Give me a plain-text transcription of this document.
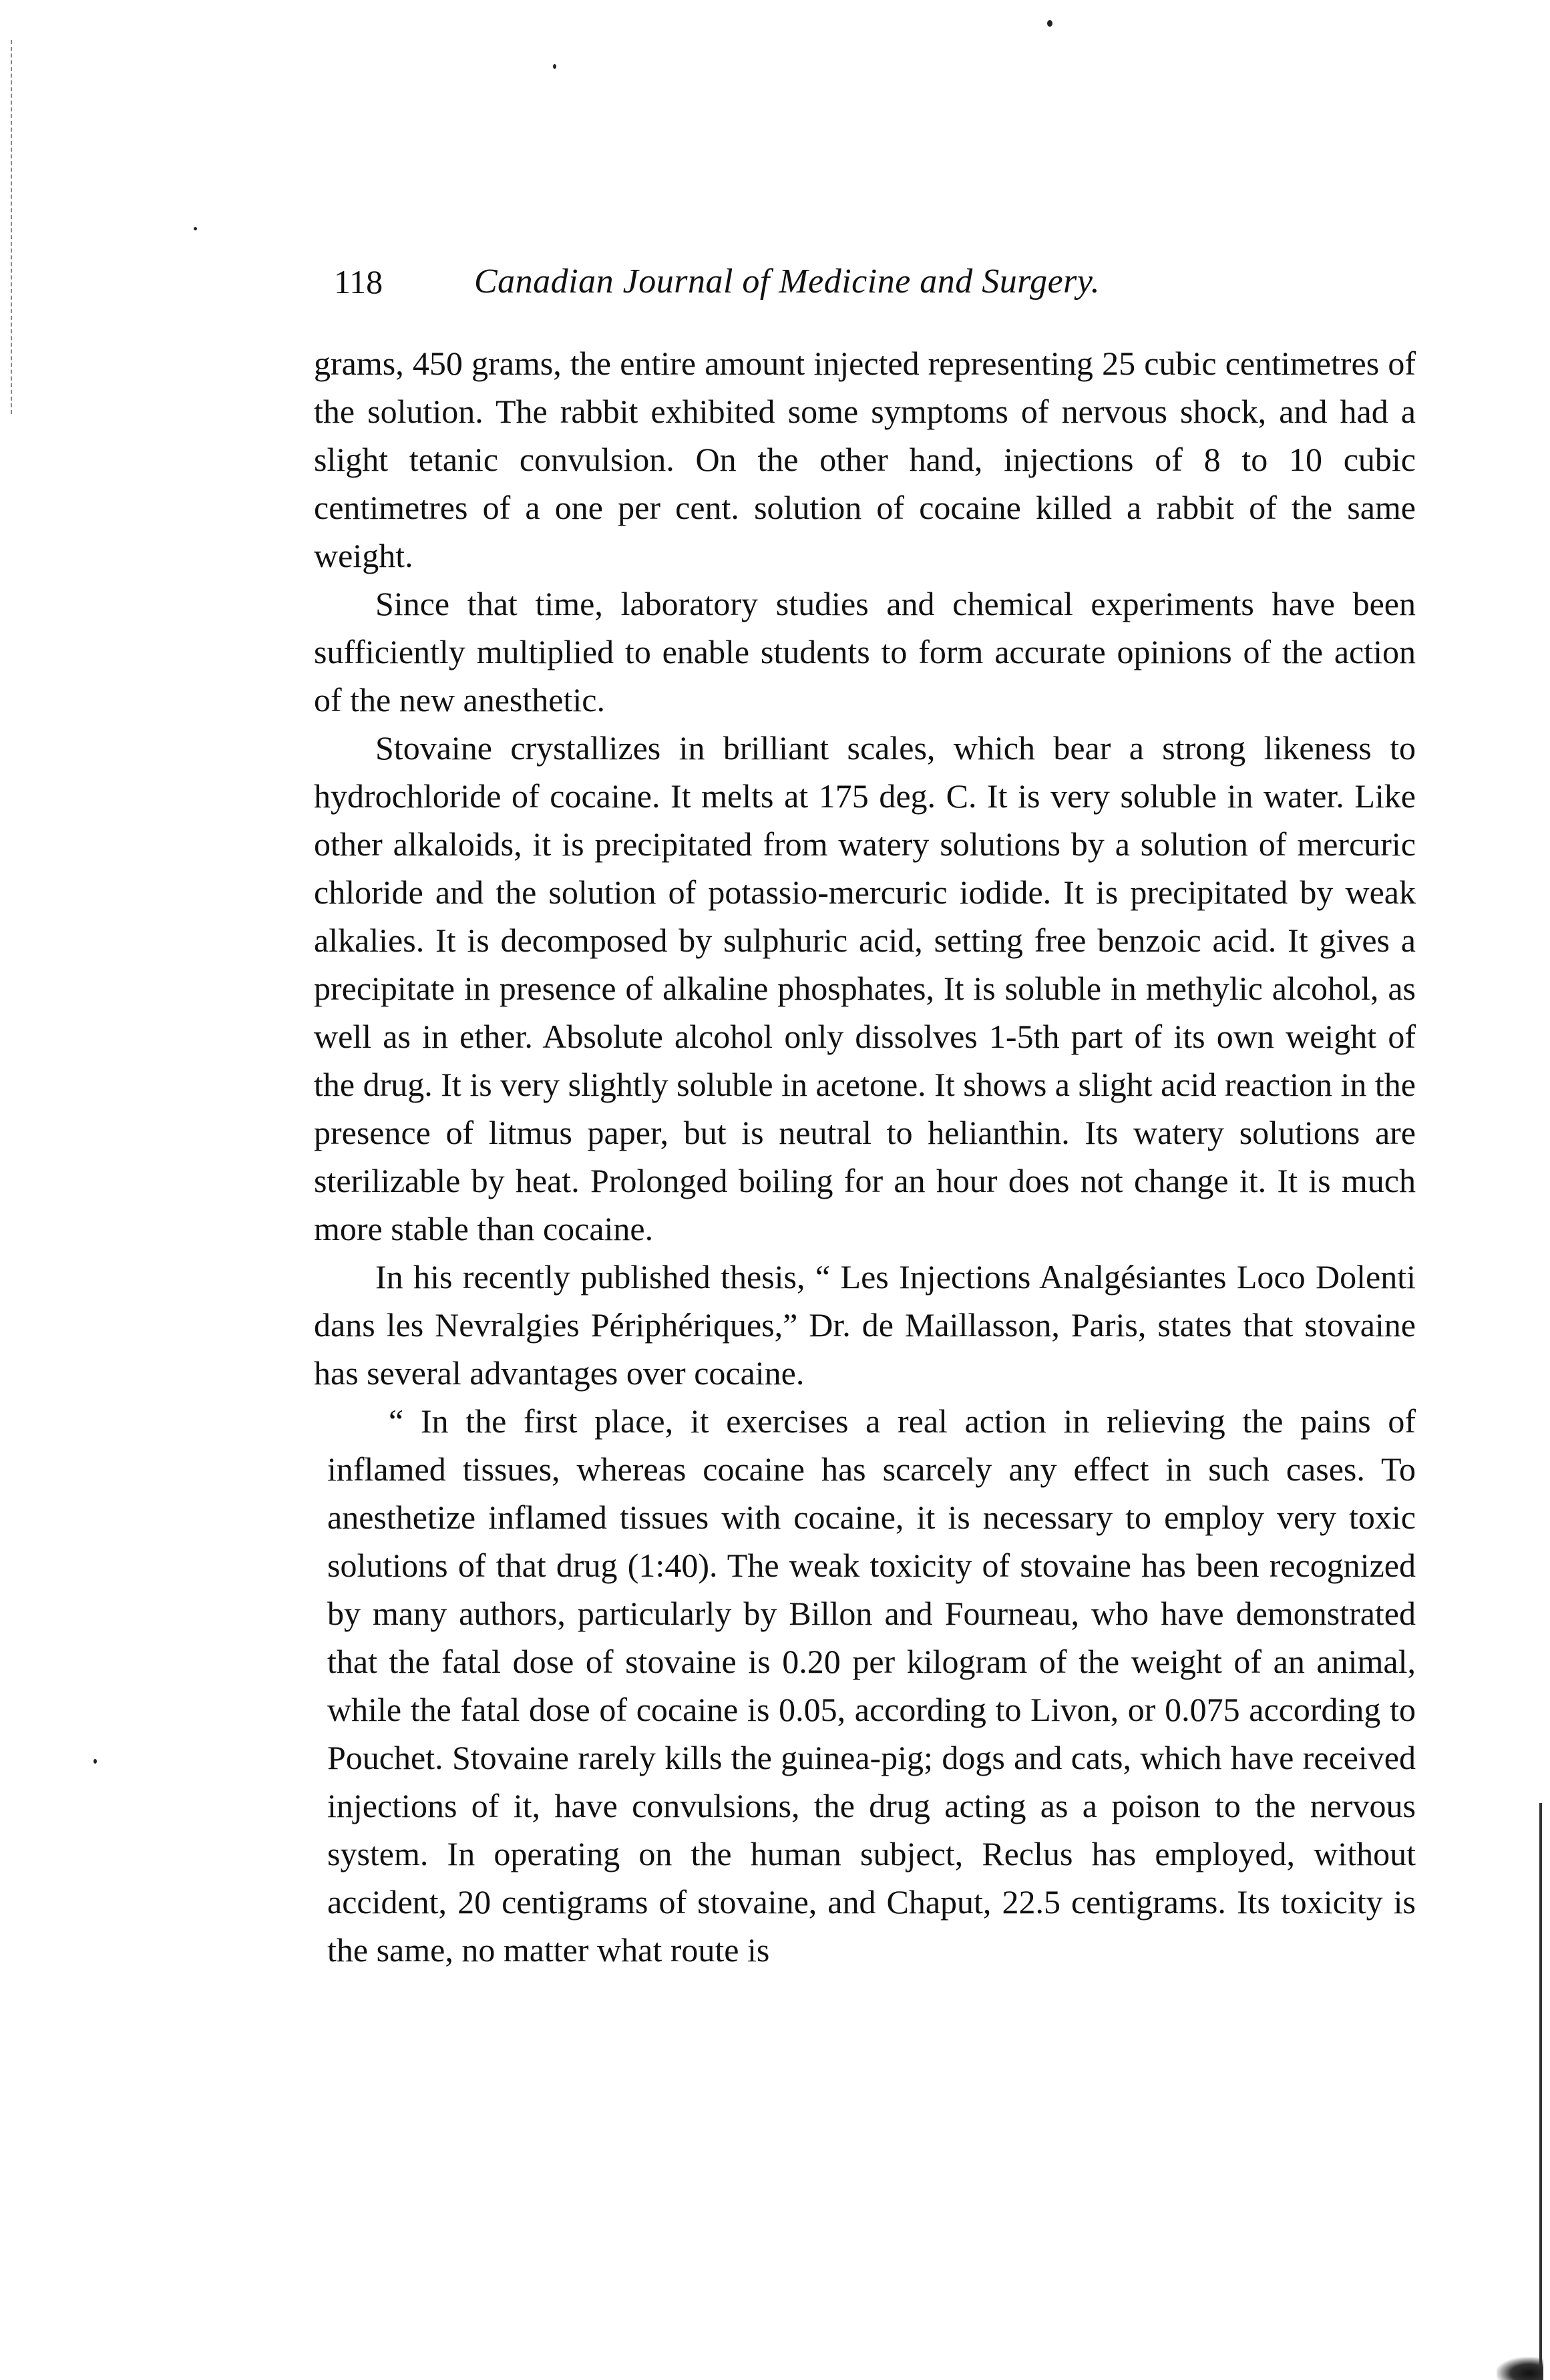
118	Canadian Journal of Medicine and Surgery.

grams, 450 grams, the entire amount injected representing 25 cubic centimetres of the solution. The rabbit exhibited some symptoms of nervous shock, and had a slight tetanic convulsion. On the other hand, injections of 8 to 10 cubic centimetres of a one per cent. solution of cocaine killed a rabbit of the same weight.

Since that time, laboratory studies and chemical experiments have been sufficiently multiplied to enable students to form accurate opinions of the action of the new anesthetic.

Stovaine crystallizes in brilliant scales, which bear a strong likeness to hydrochloride of cocaine. It melts at 175 deg. C. It is very soluble in water. Like other alkaloids, it is precipitated from watery solutions by a solution of mercuric chloride and the solution of potassio-mercuric iodide. It is precipitated by weak alkalies. It is decomposed by sulphuric acid, setting free benzoic acid. It gives a precipitate in presence of alkaline phosphates, It is soluble in methylic alcohol, as well as in ether. Absolute alcohol only dissolves 1-5th part of its own weight of the drug. It is very slightly soluble in acetone. It shows a slight acid reaction in the presence of litmus paper, but is neutral to helianthin. Its watery solutions are sterilizable by heat. Prolonged boiling for an hour does not change it. It is much more stable than cocaine.

In his recently published thesis, “ Les Injections Analgésiantes Loco Dolenti dans les Nevralgies Périphériques,” Dr. de Maillasson, Paris, states that stovaine has several advantages over cocaine.

“ In the first place, it exercises a real action in relieving the pains of inflamed tissues, whereas cocaine has scarcely any effect in such cases. To anesthetize inflamed tissues with cocaine, it is necessary to employ very toxic solutions of that drug (1:40). The weak toxicity of stovaine has been recognized by many authors, particularly by Billon and Fourneau, who have demonstrated that the fatal dose of stovaine is 0.20 per kilogram of the weight of an animal, while the fatal dose of cocaine is 0.05, according to Livon, or 0.075 according to Pouchet. Stovaine rarely kills the guinea-pig; dogs and cats, which have received injections of it, have convulsions, the drug acting as a poison to the nervous system. In operating on the human subject, Reclus has employed, without accident, 20 centigrams of stovaine, and Chaput, 22.5 centigrams. Its toxicity is the same, no matter what route is
